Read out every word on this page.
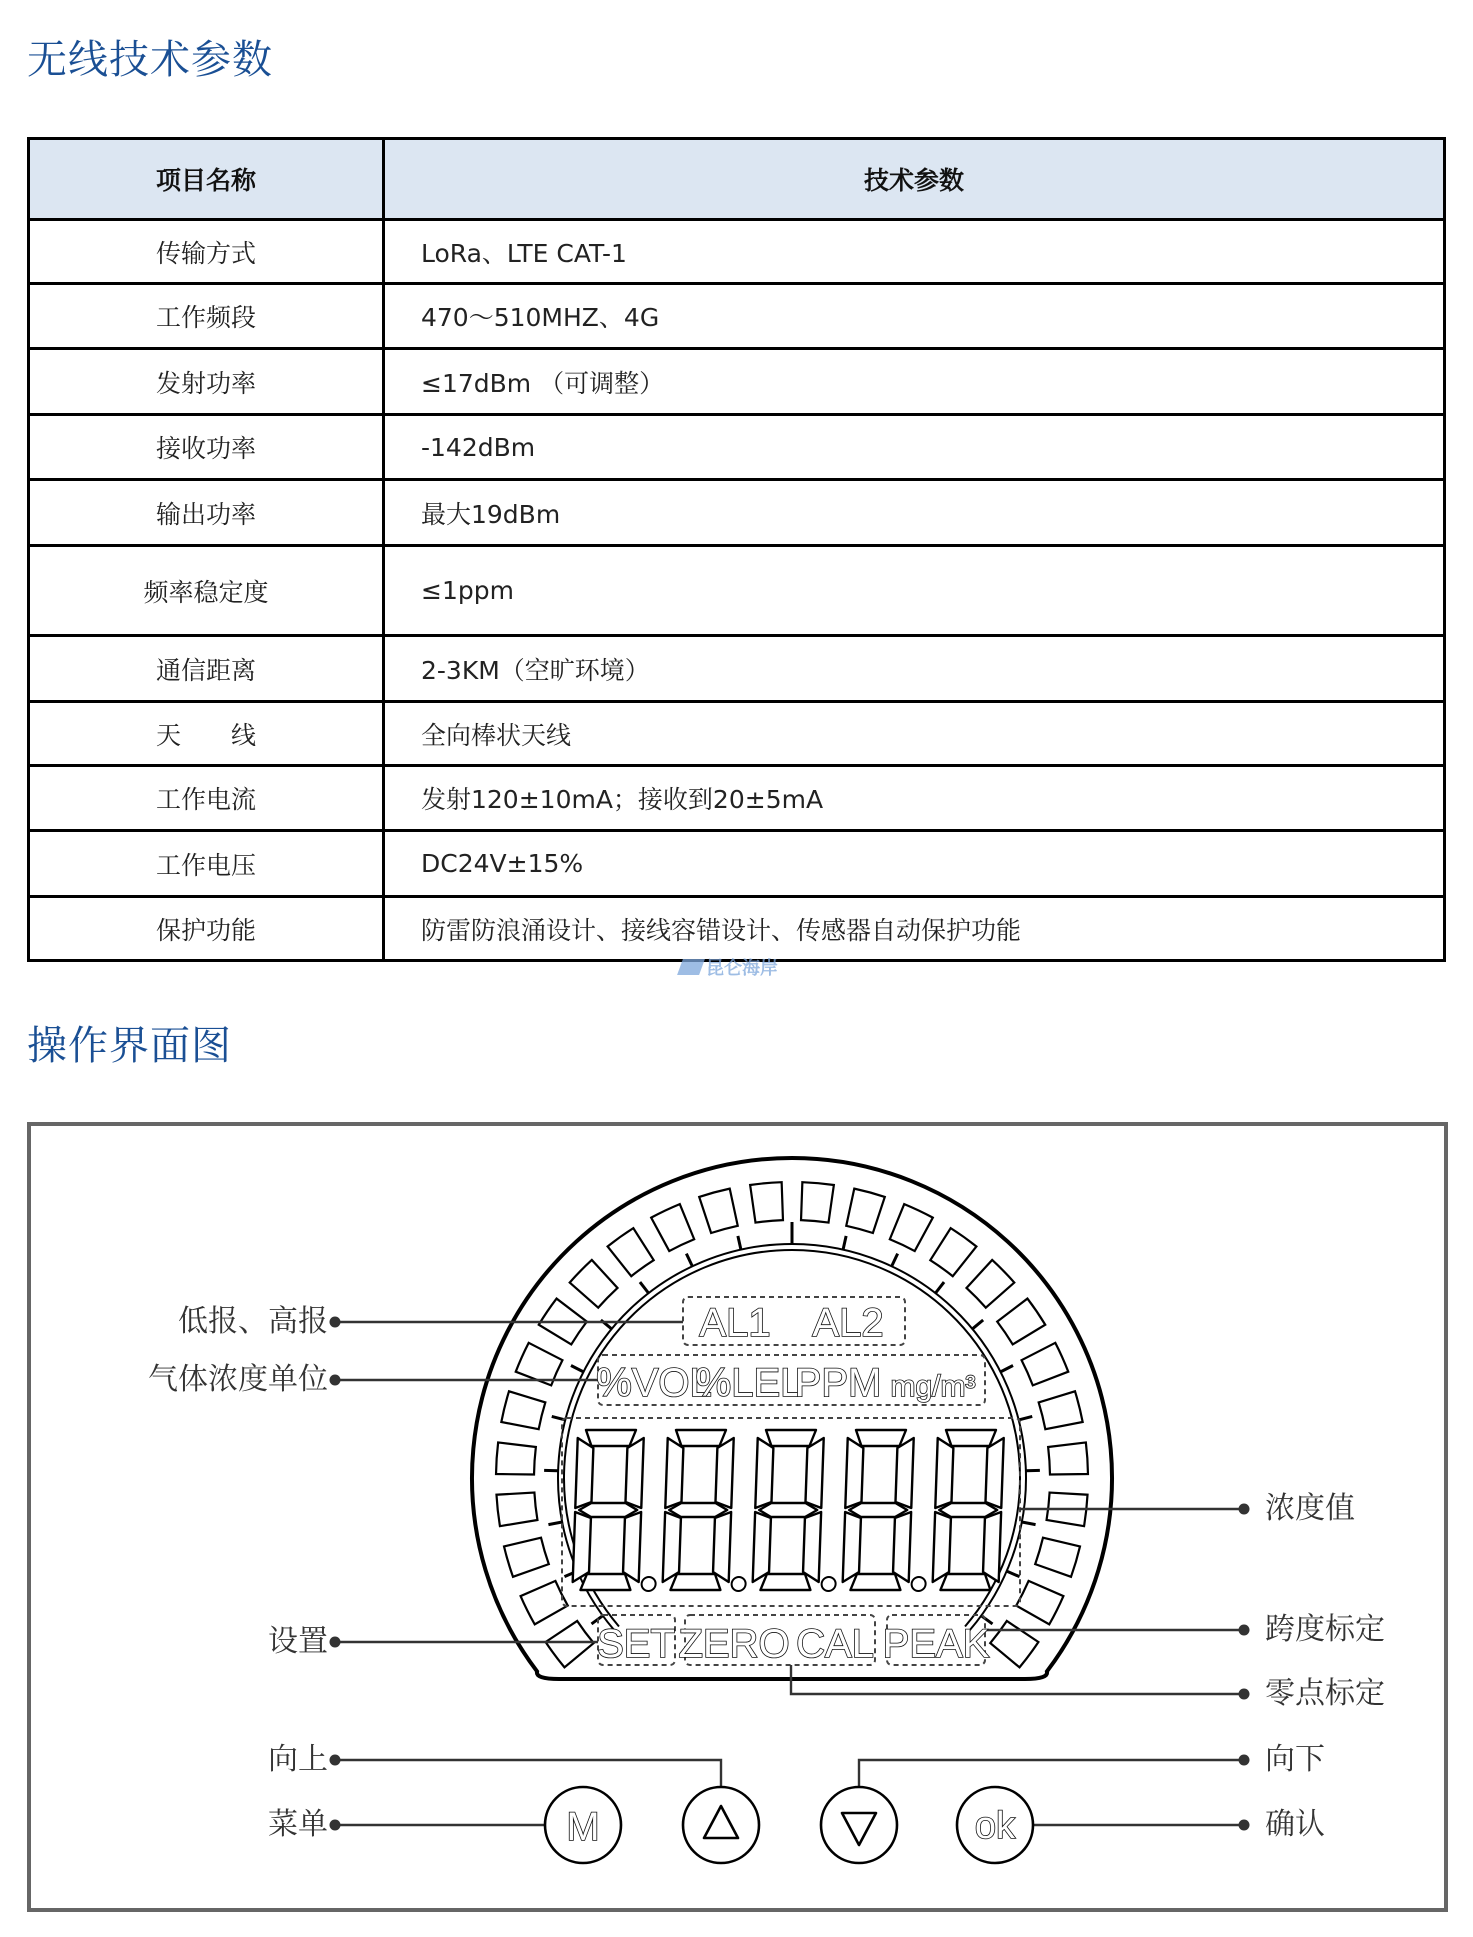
无线技术参数
项目名称	技术参数
传输方式	LoRa、LTE CAT-1
工作频段	470～510MHZ、4G
发射功率	≤17dBm （可调整）
接收功率	-142dBm
输出功率	最大19dBm
频率稳定度	≤1ppm
通信距离	2-3KM（空旷环境）
天　　线	全向棒状天线
工作电流	发射120±10mA；接收到20±5mA
工作电压	DC24V±15%
保护功能	防雷防浪涌设计、接线容错设计、传感器自动保护功能
昆仑海岸
操作界面图
AL1 AL2
%VOL
%LEL
PPM mg/m³
SET ZERO CAL PEAK
M	ok
低报、高报
气体浓度单位
设置
向上
菜单
浓度值
跨度标定
零点标定
向下
确认
